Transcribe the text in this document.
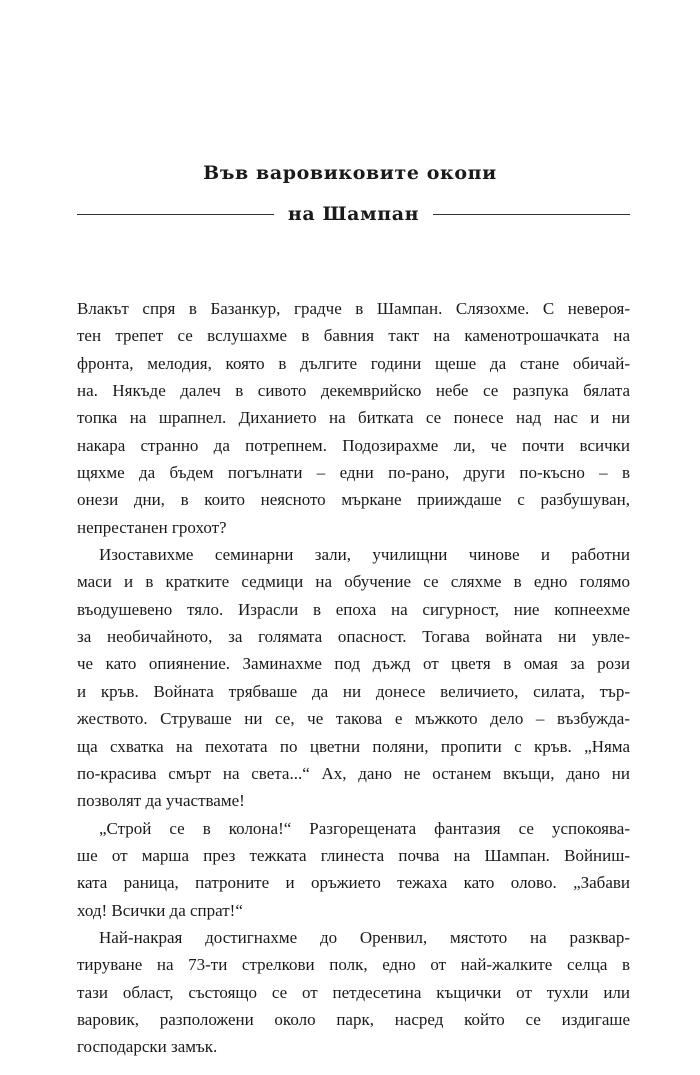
Във варовиковите окопи
на Шампан
Влакът спря в Базанкур, градче в Шампан. Слязохме. С невероя-
тен трепет се вслушахме в бавния такт на каменотрошачката на
фронта, мелодия, която в дългите години щеше да стане обичай-
на. Някъде далеч в сивото декемврийско небе се разпука бялата
топка на шрапнел. Диханието на битката се понесе над нас и ни
накара странно да потрепнем. Подозирахме ли, че почти всички
щяхме да бъдем погълнати – едни по-рано, други по-късно – в
онези дни, в които неясното мъркане прииждаше с разбушуван,
непрестанен грохот?
Изоставихме семинарни зали, училищни чинове и работни
маси и в кратките седмици на обучение се сляхме в едно голямо
въодушевено тяло. Израсли в епоха на сигурност, ние копнеехме
за необичайното, за голямата опасност. Тогава войната ни увле-
че като опиянение. Заминахме под дъжд от цветя в омая за рози
и кръв. Войната трябваше да ни донесе величието, силата, тър-
жеството. Струваше ни се, че такова е мъжкото дело – възбужда-
ща схватка на пехотата по цветни поляни, пропити с кръв. „Няма
по-красива смърт на света...“ Ах, дано не останем вкъщи, дано ни
позволят да участваме!
„Строй се в колона!“ Разгорещената фантазия се успокоява-
ше от марша през тежката глинеста почва на Шампан. Войниш-
ката раница, патроните и оръжието тежаха като олово. „Забави
ход! Всички да спрат!“
Най-накрая достигнахме до Оренвил, мястото на разквар-
тируване на 73-ти стрелкови полк, едно от най-жалките селца в
тази област, състоящо се от петдесетина къщички от тухли или
варовик, разположени около парк, насред който се издигаше
господарски замък.
